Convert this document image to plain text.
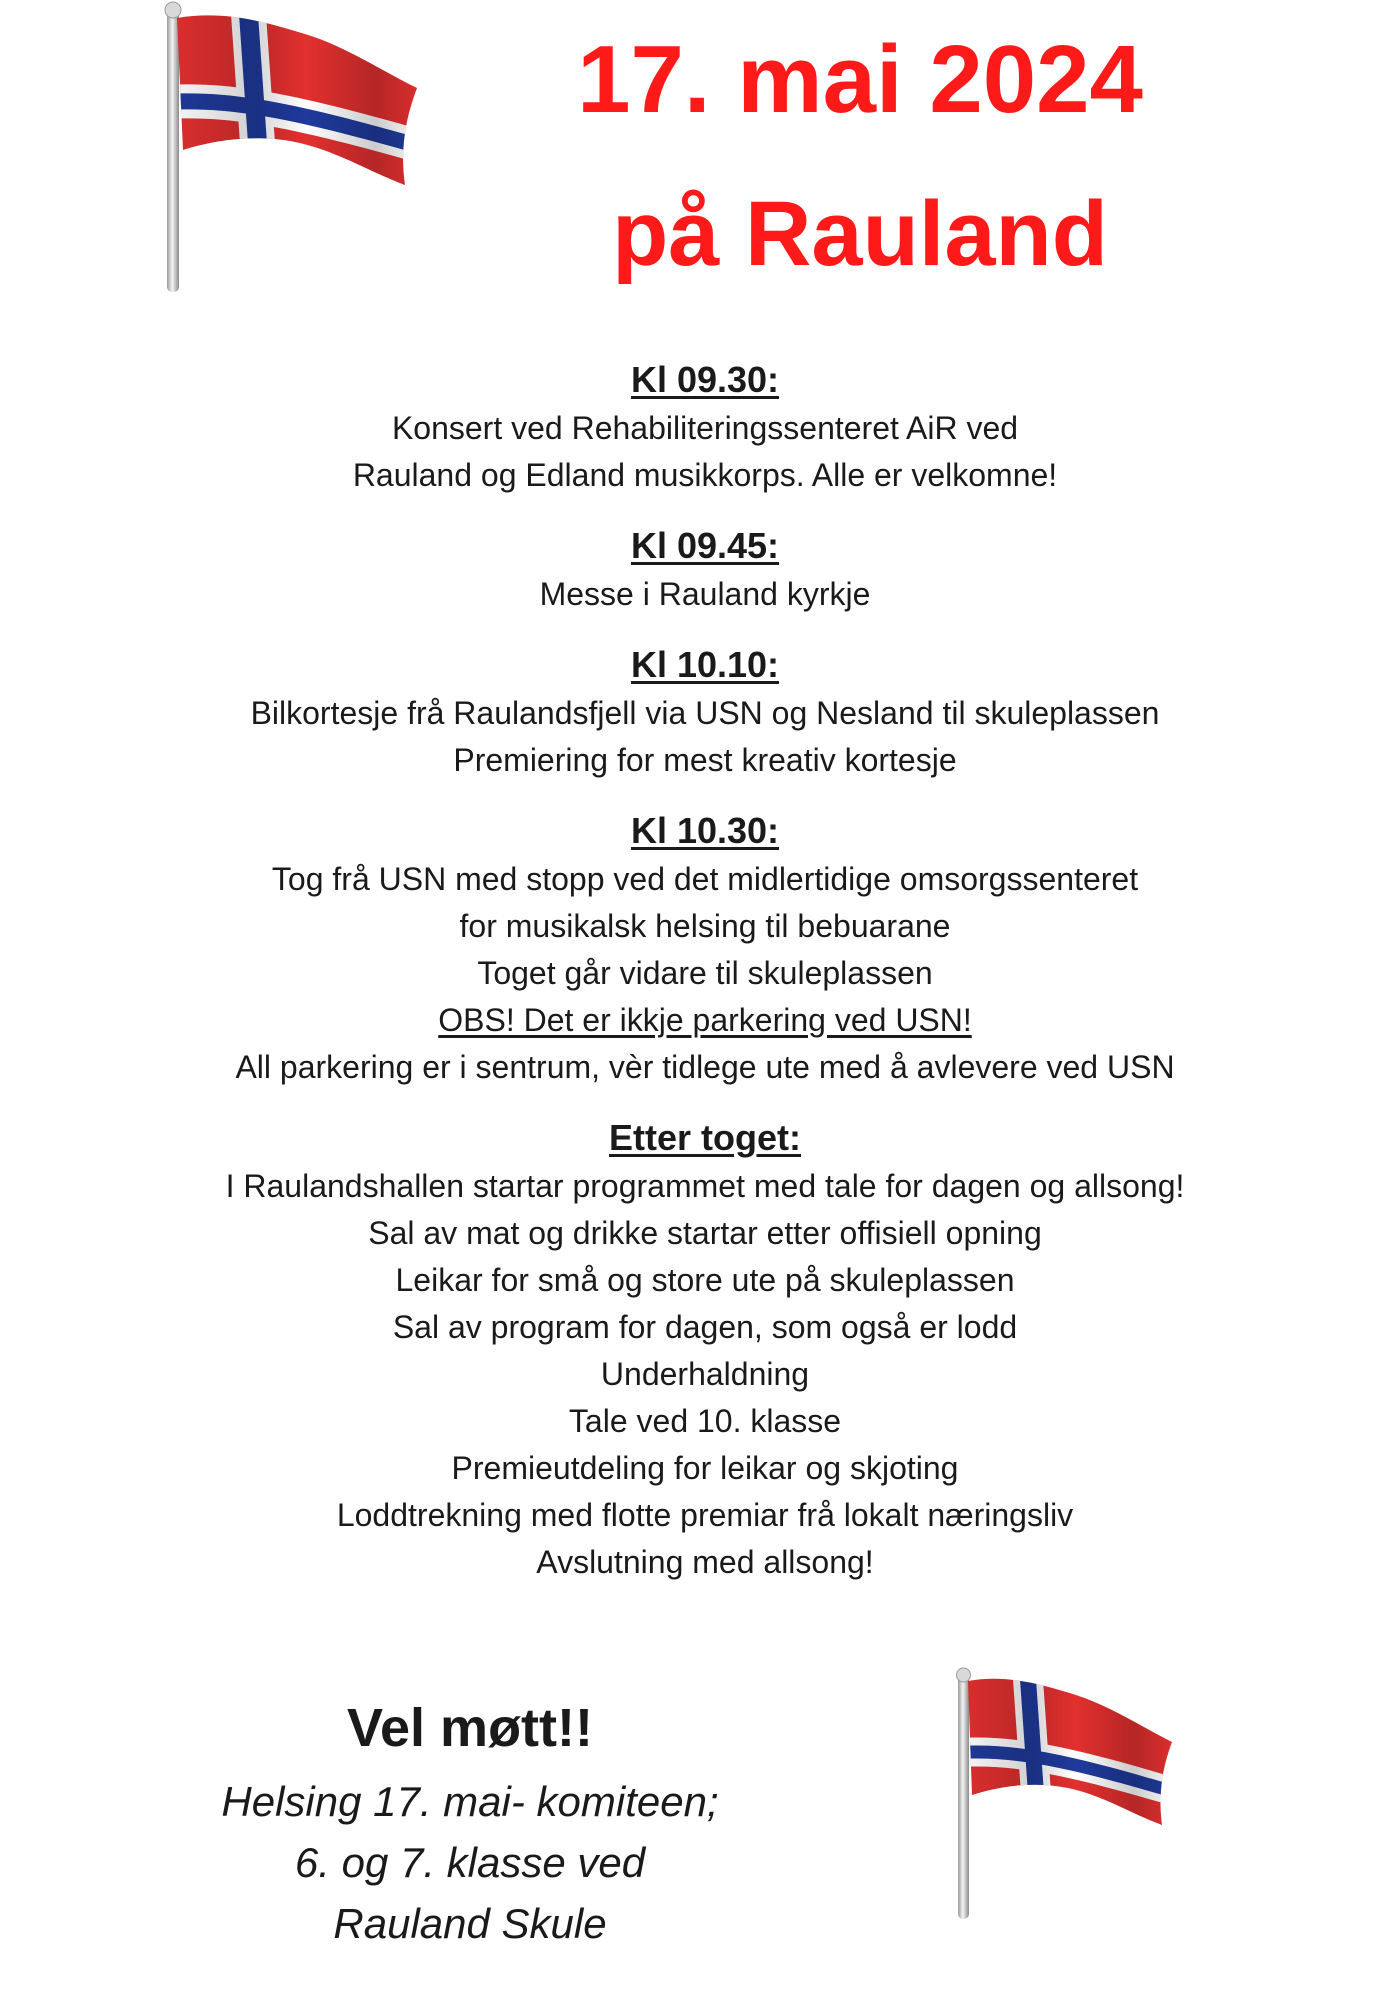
17. mai 2024
på Rauland

Kl 09.30:

Konsert ved Rehabiliteringssenteret AiR ved

Rauland og Edland musikkorps. Alle er velkomne!

Kl 09.45:

Messe i Rauland kyrkje

Kl 10.10:

Bilkortesje frå Raulandsfjell via USN og Nesland til skuleplassen

Premiering for mest kreativ kortesje

Kl 10.30:

Tog frå USN med stopp ved det midlertidige omsorgssenteret

for musikalsk helsing til bebuarane

Toget går vidare til skuleplassen

OBS! Det er ikkje parkering ved USN!

All parkering er i sentrum, vèr tidlege ute med å avlevere ved USN

Etter toget:

I Raulandshallen startar programmet med tale for dagen og allsong!

Sal av mat og drikke startar etter offisiell opning

Leikar for små og store ute på skuleplassen

Sal av program for dagen, som også er lodd

Underhaldning

Tale ved 10. klasse

Premieutdeling for leikar og skjoting

Loddtrekning med flotte premiar frå lokalt næringsliv

Avslutning med allsong!

Vel møtt!!

Helsing 17. mai- komiteen;

6. og 7. klasse ved

Rauland Skule
